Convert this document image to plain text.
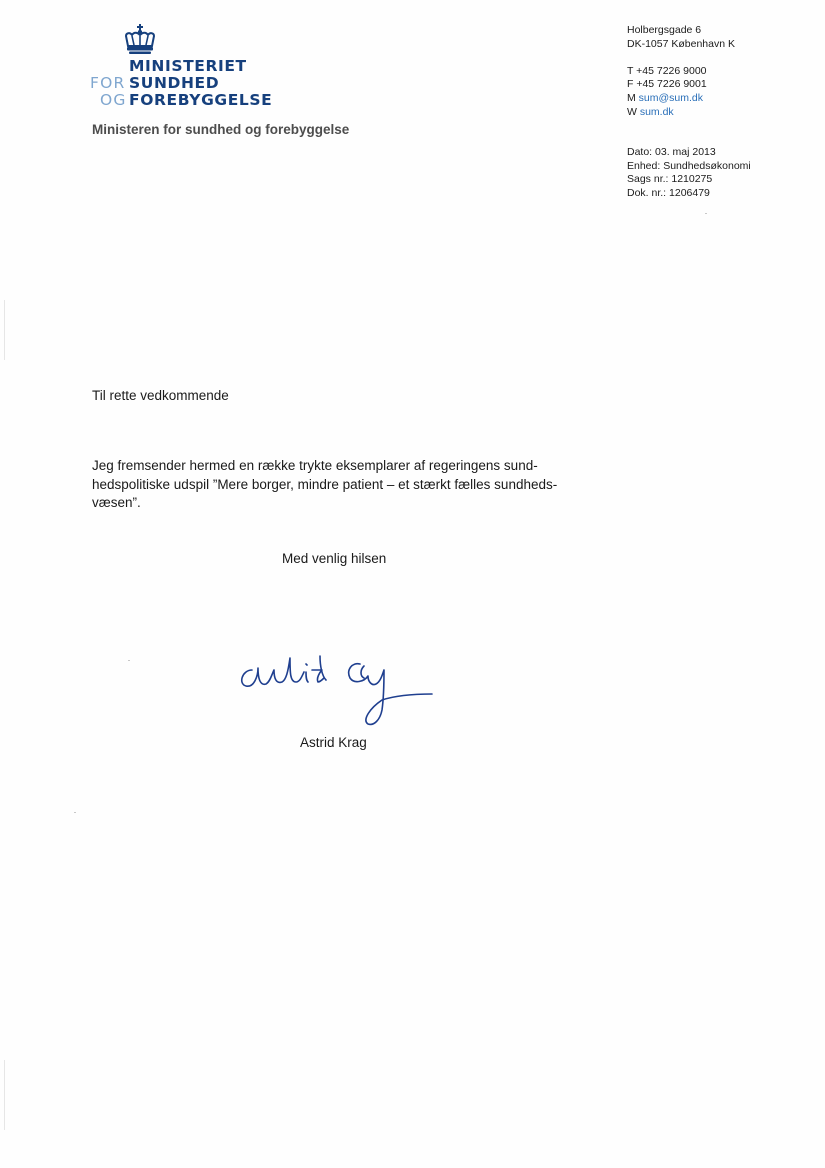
MINISTERIET
FOR SUNDHED
OG FOREBYGGELSE
Ministeren for sundhed og forebyggelse
Holbergsgade 6
DK-1057 København K
T +45 7226 9000
F +45 7226 9001
M sum@sum.dk
W sum.dk
Dato: 03. maj 2013
Enhed: Sundhedsøkonomi
Sags nr.: 1210275
Dok. nr.: 1206479
Til rette vedkommende
Jeg fremsender hermed en række trykte eksemplarer af regeringens sund-
hedspolitiske udspil ”Mere borger, mindre patient – et stærkt fælles sundheds-
væsen”.
Med venlig hilsen
Astrid Krag
